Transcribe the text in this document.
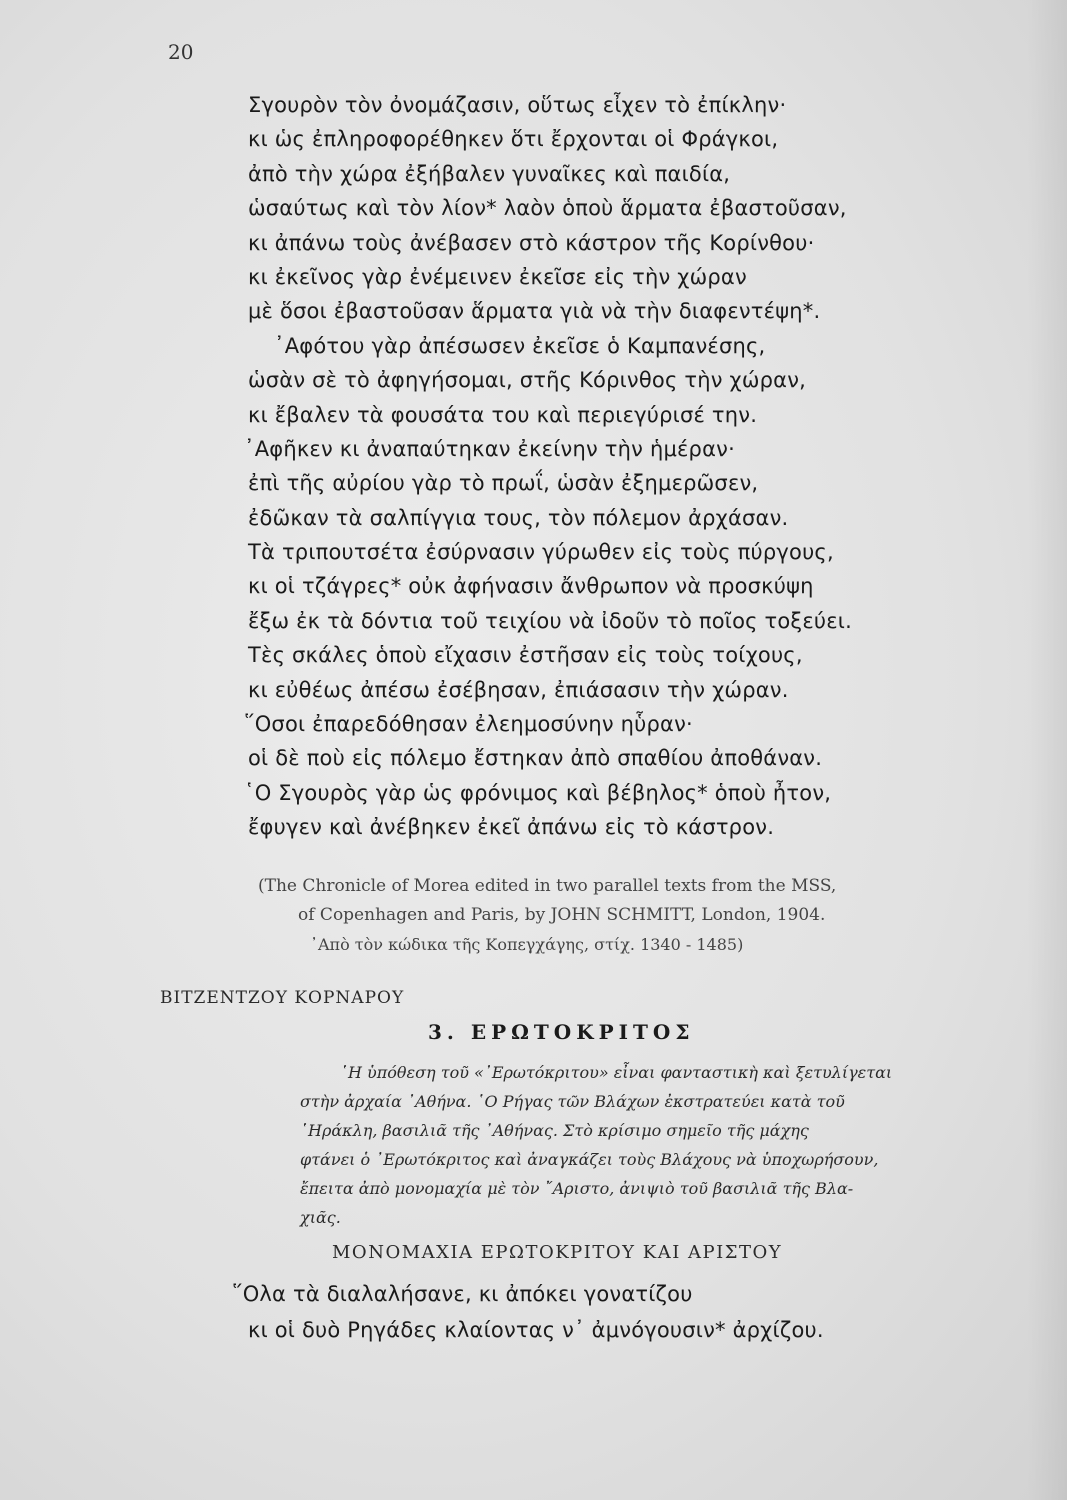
20
Σγουρὸν τὸν ὀνομάζασιν, οὕτως εἶχεν τὸ ἐπίκλην·
κι ὡς ἐπληροφορέθηκεν ὅτι ἔρχονται οἱ Φράγκοι,
ἀπὸ τὴν χώρα ἐξήβαλεν γυναῖκες καὶ παιδία,
ὡσαύτως καὶ τὸν λίον* λαὸν ὁποὺ ἅρματα ἐβαστοῦσαν,
κι ἀπάνω τοὺς ἀνέβασεν στὸ κάστρον τῆς Κορίνθου·
κι ἐκεῖνος γὰρ ἐνέμεινεν ἐκεῖσε εἰς τὴν χώραν
μὲ ὅσοι ἐβαστοῦσαν ἅρματα γιὰ νὰ τὴν διαφεντέψη*.
᾿Αφότου γὰρ ἀπέσωσεν ἐκεῖσε ὁ Καμπανέσης,
ὡσὰν σὲ τὸ ἀφηγήσομαι, στῆς Κόρινθος τὴν χώραν,
κι ἔβαλεν τὰ φουσάτα του καὶ περιεγύρισέ την.
᾿Αφῆκεν κι ἀναπαύτηκαν ἐκείνην τὴν ἡμέραν·
ἐπὶ τῆς αὐρίου γὰρ τὸ πρωΐ, ὡσὰν ἐξημερῶσεν,
ἐδῶκαν τὰ σαλπίγγια τους, τὸν πόλεμον ἀρχάσαν.
Τὰ τριπουτσέτα ἐσύρνασιν γύρωθεν εἰς τοὺς πύργους,
κι οἱ τζάγρες* οὐκ ἀφήνασιν ἄνθρωπον νὰ προσκύψη
ἔξω ἐκ τὰ δόντια τοῦ τειχίου νὰ ἰδοῦν τὸ ποῖος τοξεύει.
Τὲς σκάλες ὁποὺ εἴχασιν ἐστῆσαν εἰς τοὺς τοίχους,
κι εὐθέως ἀπέσω ἐσέβησαν, ἐπιάσασιν τὴν χώραν.
῞Οσοι ἐπαρεδόθησαν ἐλεημοσύνην ηὗραν·
οἱ δὲ ποὺ εἰς πόλεμο ἔστηκαν ἀπὸ σπαθίου ἀποθάναν.
῾Ο Σγουρὸς γὰρ ὡς φρόνιμος καὶ βέβηλος* ὁποὺ ἦτον,
ἔφυγεν καὶ ἀνέβηκεν ἐκεῖ ἀπάνω εἰς τὸ κάστρον.
(The Chronicle of Morea edited in two parallel texts from the MSS,
of Copenhagen and Paris, by JOHN SCHMITT, London, 1904.
᾿Απὸ τὸν κώδικα τῆς Κοπεγχάγης, στίχ. 1340 - 1485)
ΒΙΤΖΕΝΤΖΟΥ ΚΟΡΝΑΡΟΥ
3. ΕΡΩΤΟΚΡΙΤΟΣ
῾Η ὑπόθεση τοῦ «᾿Ερωτόκριτου» εἶναι φανταστικὴ καὶ ξετυλίγεται
στὴν ἀρχαία ᾿Αθήνα. ῾Ο Ρήγας τῶν Βλάχων ἐκστρατεύει κατὰ τοῦ
῾Ηράκλη, βασιλιᾶ τῆς ᾿Αθήνας. Στὸ κρίσιμο σημεῖο τῆς μάχης
φτάνει ὁ ᾿Ερωτόκριτος καὶ ἀναγκάζει τοὺς Βλάχους νὰ ὑποχωρήσουν,
ἔπειτα ἀπὸ μονομαχία μὲ τὸν ῎Αριστο, ἀνιψιὸ τοῦ βασιλιᾶ τῆς Βλα-
χιᾶς.
ΜΟΝΟΜΑΧΙΑ ΕΡΩΤΟΚΡΙΤΟΥ ΚΑΙ ΑΡΙΣΤΟΥ
῞Ολα τὰ διαλαλήσανε, κι ἀπόκει γονατίζου
κι οἱ δυὸ Ρηγάδες κλαίοντας ν᾿ ἀμνόγουσιν* ἀρχίζου.
